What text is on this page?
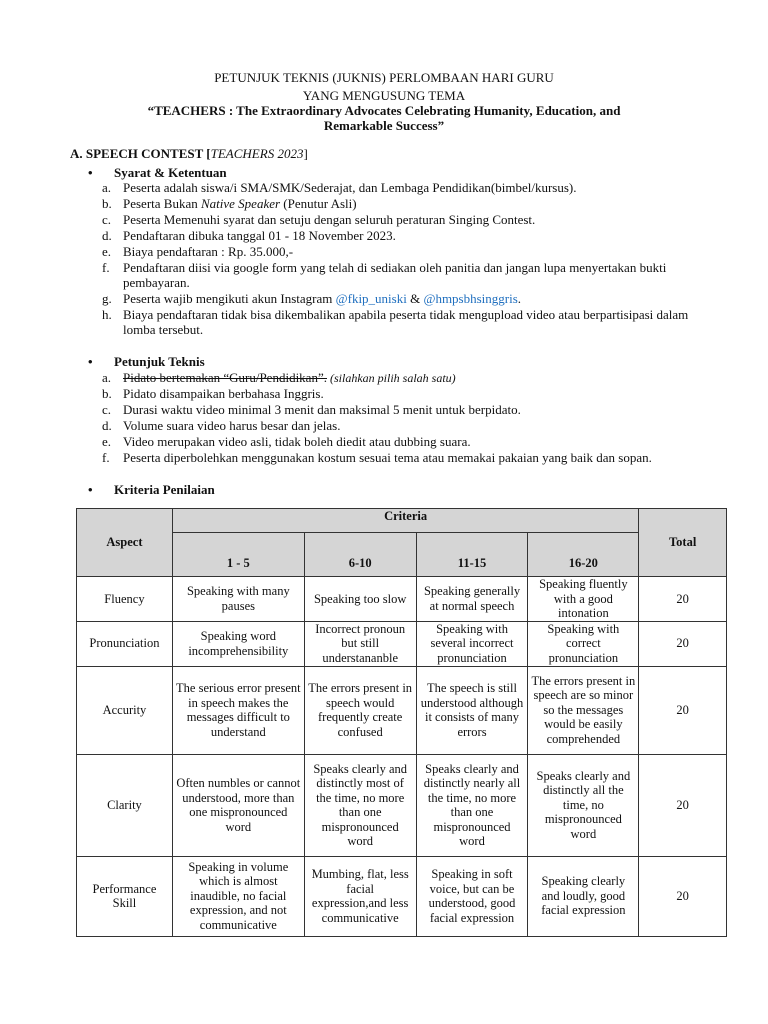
PETUNJUK TEKNIS (JUKNIS) PERLOMBAAN HARI GURU
YANG MENGUSUNG TEMA
“TEACHERS : The Extraordinary Advocates Celebrating Humanity, Education, and
Remarkable Success”
A. SPEECH CONTEST [TEACHERS 2023]
• Syarat & Ketentuan
a. Peserta adalah siswa/i SMA/SMK/Sederajat, dan Lembaga Pendidikan(bimbel/kursus).
b. Peserta Bukan Native Speaker (Penutur Asli)
c. Peserta Memenuhi syarat dan setuju dengan seluruh peraturan Singing Contest.
d. Pendaftaran dibuka tanggal 01 - 18 November 2023.
e. Biaya pendaftaran : Rp. 35.000,-
f. Pendaftaran diisi via google form yang telah di sediakan oleh panitia dan jangan lupa menyertakan bukti pembayaran.
g. Peserta wajib mengikuti akun Instagram @fkip_uniski & @hmpsbhsinggris.
h. Biaya pendaftaran tidak bisa dikembalikan apabila peserta tidak mengupload video atau berpartisipasi dalam lomba tersebut.
• Petunjuk Teknis
a. Pidato bertemakan “Guru/Pendidikan”. (silahkan pilih salah satu)
b. Pidato disampaikan berbahasa Inggris.
c. Durasi waktu video minimal 3 menit dan maksimal 5 menit untuk berpidato.
d. Volume suara video harus besar dan jelas.
e. Video merupakan video asli, tidak boleh diedit atau dubbing suara.
f. Peserta diperbolehkan menggunakan kostum sesuai tema atau memakai pakaian yang baik dan sopan.
• Kriteria Penilaian
Aspect	Criteria				Total
	1 - 5	6-10	11-15	16-20	
Fluency	Speaking with many pauses	Speaking too slow	Speaking generally at normal speech	Speaking fluently with a good intonation	20
Pronunciation	Speaking word incomprehensibility	Incorrect pronoun but still understananble	Speaking with several incorrect pronunciation	Speaking with correct pronunciation	20
Accurity	The serious error present in speech makes the messages difficult to understand	The errors present in speech would frequently create confused	The speech is still understood although it consists of many errors	The errors present in speech are so minor so the messages would be easily comprehended	20
Clarity	Often numbles or cannot understood, more than one mispronounced word	Speaks clearly and distinctly most of the time, no more than one mispronounced word	Speaks clearly and distinctly nearly all the time, no more than one mispronounced word	Speaks clearly and distinctly all the time, no mispronounced word	20
Performance Skill	Speaking in volume which is almost inaudible, no facial expression, and not communicative	Mumbing, flat, less facial expression,and less communicative	Speaking in soft voice, but can be understood, good facial expression	Speaking clearly and loudly, good facial expression	20
